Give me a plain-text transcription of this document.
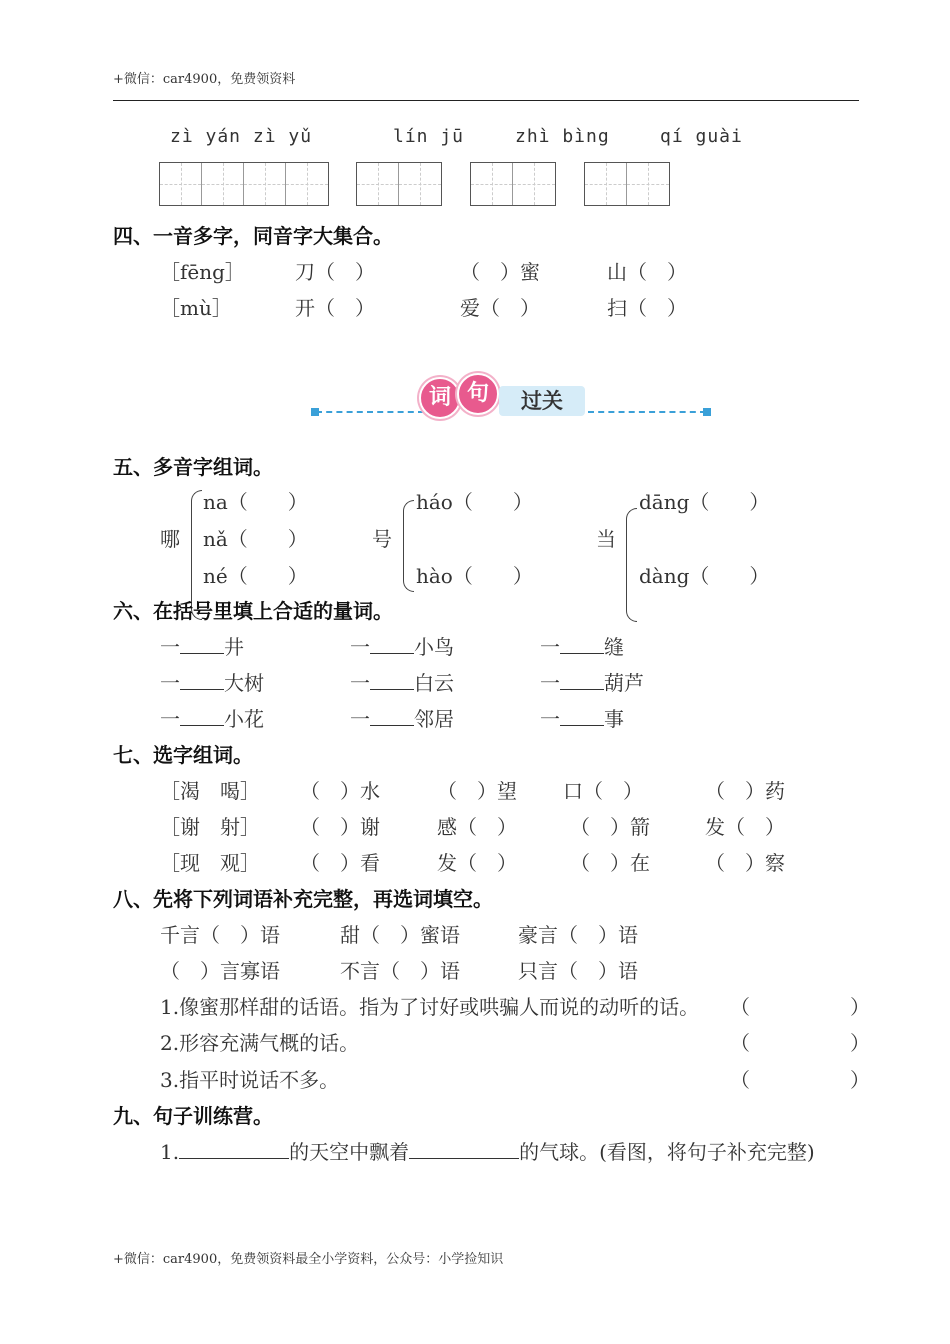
+微信：car4900，免费领资料
zì yán zì yǔ	lín jū	zhì bìng	qí guài
四、一音多字，同音字大集合。
［fēng］	刀（　）	（　）蜜	山（　）
［mù］	开（　）	爱（　）	扫（　）
词 句	过关
五、多音字组词。
哪
na（　　）
nǎ（　　）
né（　　）
号
háo（　　）
hào（　　）
当
dāng（　　）
dàng（　　）
六、在括号里填上合适的量词。
一 井	一 小鸟	一 缝
一 大树	一 白云	一 葫芦
一 小花	一 邻居	一 事
七、选字组词。
［渴　喝］ （　）水	（　）望 口（　）	（　）药
［谢　射］ （　）谢	感（　）	（　）箭	发（　）
［现　观］ （　）看	发（　）	（　）在	（　）察
八、先将下列词语补充完整，再选词填空。
千言（　）语	甜（　）蜜语	豪言（　）语
（　）言寡语	不言（　）语	只言（　）语
1.像蜜那样甜的话语。指为了讨好或哄骗人而说的动听的话。 （　　　　　）
2.形容充满气概的话。	（　　　　　）
3.指平时说话不多。	（　　　　　）
九、句子训练营。
1.	的天空中飘着	的气球。(看图，将句子补充完整)
+微信：car4900，免费领资料最全小学资料，公众号：小学捡知识
